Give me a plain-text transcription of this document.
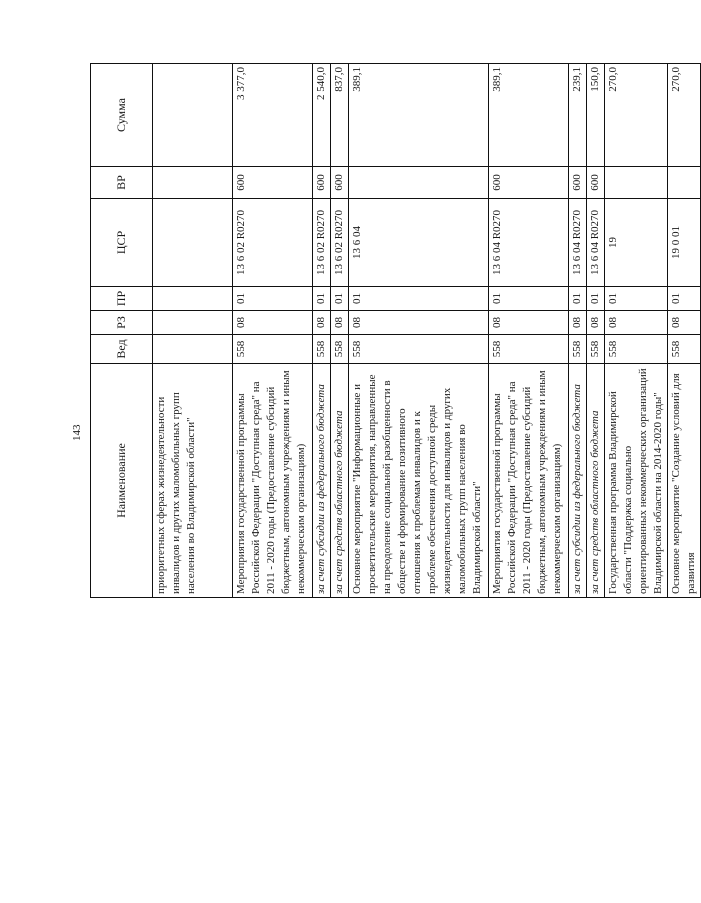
143
Наименование	Вед	РЗ	ПР	ЦСР	ВР	Сумма
приоритетных сферах жизнедеятельности инвалидов и других маломобильных групп населения во Владимирской области"						
Мероприятия государственной программы Российской Федерации "Доступная среда" на 2011 - 2020 годы (Предоставление субсидий бюджетным, автономным учреждениям и иным некоммерческим организациям)	558	08	01	13 6 02 R0270	600	3 377,0
за счет субсидии из федерального бюджета	558	08	01	13 6 02 R0270	600	2 540,0
за счет средств областного бюджета	558	08	01	13 6 02 R0270	600	837,0
Основное мероприятие "Информационные и просветительские мероприятия, направленные на преодоление социальной разобщенности в обществе и формирование позитивного отношения к проблемам инвалидов и к проблеме обеспечения доступной среды жизнедеятельности для инвалидов и других маломобильных групп населения во Владимирской области"	558	08	01	13 6 04		389,1
Мероприятия государственной программы Российской Федерации "Доступная среда" на 2011 - 2020 годы (Предоставление субсидий бюджетным, автономным учреждениям и иным некоммерческим организациям)	558	08	01	13 6 04 R0270	600	389,1
за счет субсидии из федерального бюджета	558	08	01	13 6 04 R0270	600	239,1
за счет средств областного бюджета	558	08	01	13 6 04 R0270	600	150,0
Государственная программа Владимирской области "Поддержка социально ориентированных некоммерческих организаций Владимирской области на 2014-2020 годы"	558	08	01	19		270,0
Основное мероприятие "Создание условий для развития	558	08	01	19 0 01		270,0
